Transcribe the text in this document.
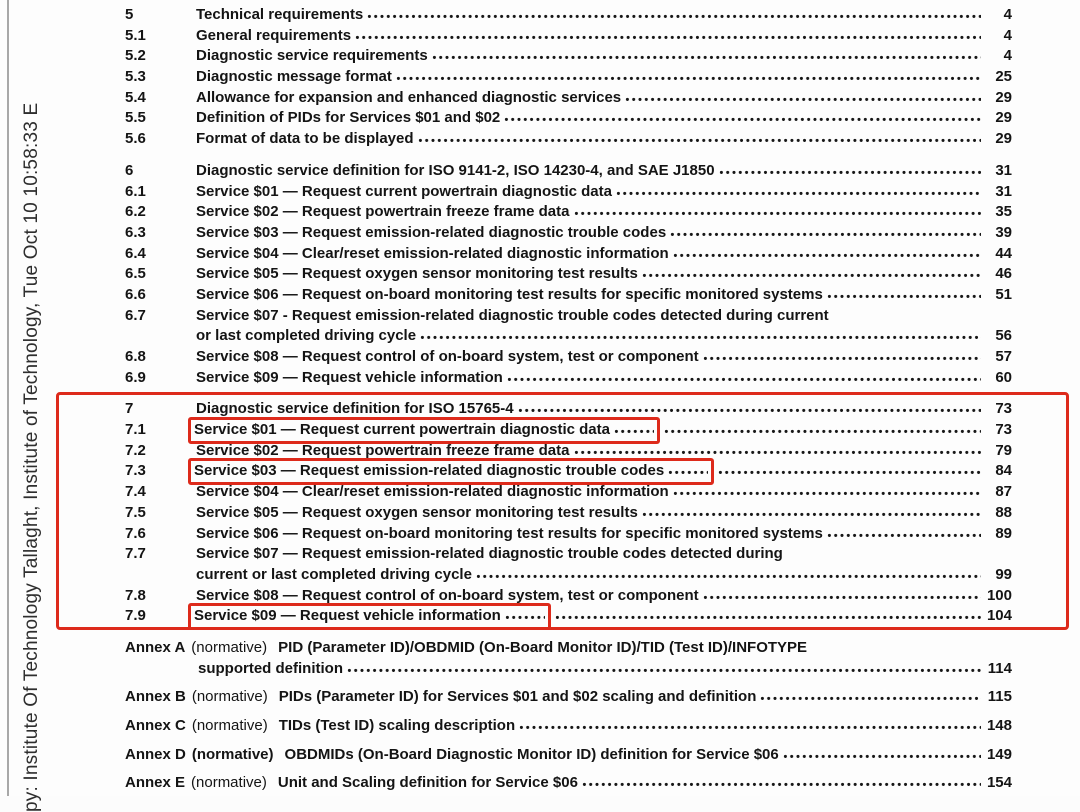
py: Institute Of Technology Tallaght, Institute of Technology, Tue Oct 10 10:58:33 E
5	Technical requirements	4
5.1	General requirements	4
5.2	Diagnostic service requirements	4
5.3	Diagnostic message format	25
5.4	Allowance for expansion and enhanced diagnostic services	29
5.5	Definition of PIDs for Services $01 and $02	29
5.6	Format of data to be displayed	29
6	Diagnostic service definition for ISO 9141-2, ISO 14230-4, and SAE J1850	31
6.1	Service $01 — Request current powertrain diagnostic data	31
6.2	Service $02 — Request powertrain freeze frame data	35
6.3	Service $03 — Request emission-related diagnostic trouble codes	39
6.4	Service $04 — Clear/reset emission-related diagnostic information	44
6.5	Service $05 — Request oxygen sensor monitoring test results	46
6.6	Service $06 — Request on-board monitoring test results for specific monitored systems	51
6.7	Service $07 - Request emission-related diagnostic trouble codes detected during current
or last completed driving cycle	56
6.8	Service $08 — Request control of on-board system, test or component	57
6.9	Service $09 — Request vehicle information	60
7	Diagnostic service definition for ISO 15765-4	73
7.1	Service $01 — Request current powertrain diagnostic data	73
7.2	Service $02 — Request powertrain freeze frame data	79
7.3	Service $03 — Request emission-related diagnostic trouble codes	84
7.4	Service $04 — Clear/reset emission-related diagnostic information	87
7.5	Service $05 — Request oxygen sensor monitoring test results	88
7.6	Service $06 — Request on-board monitoring test results for specific monitored systems	89
7.7	Service $07 — Request emission-related diagnostic trouble codes detected during
current or last completed driving cycle	99
7.8	Service $08 — Request control of on-board system, test or component	100
7.9	Service $09 — Request vehicle information	104
Annex A (normative) PID (Parameter ID)/OBDMID (On-Board Monitor ID)/TID (Test ID)/INFOTYPE
supported definition	114
Annex B (normative) PIDs (Parameter ID) for Services $01 and $02 scaling and definition	115
Annex C (normative) TIDs (Test ID) scaling description	148
Annex D (normative) OBDMIDs (On-Board Diagnostic Monitor ID) definition for Service $06	149
Annex E (normative) Unit and Scaling definition for Service $06	154
